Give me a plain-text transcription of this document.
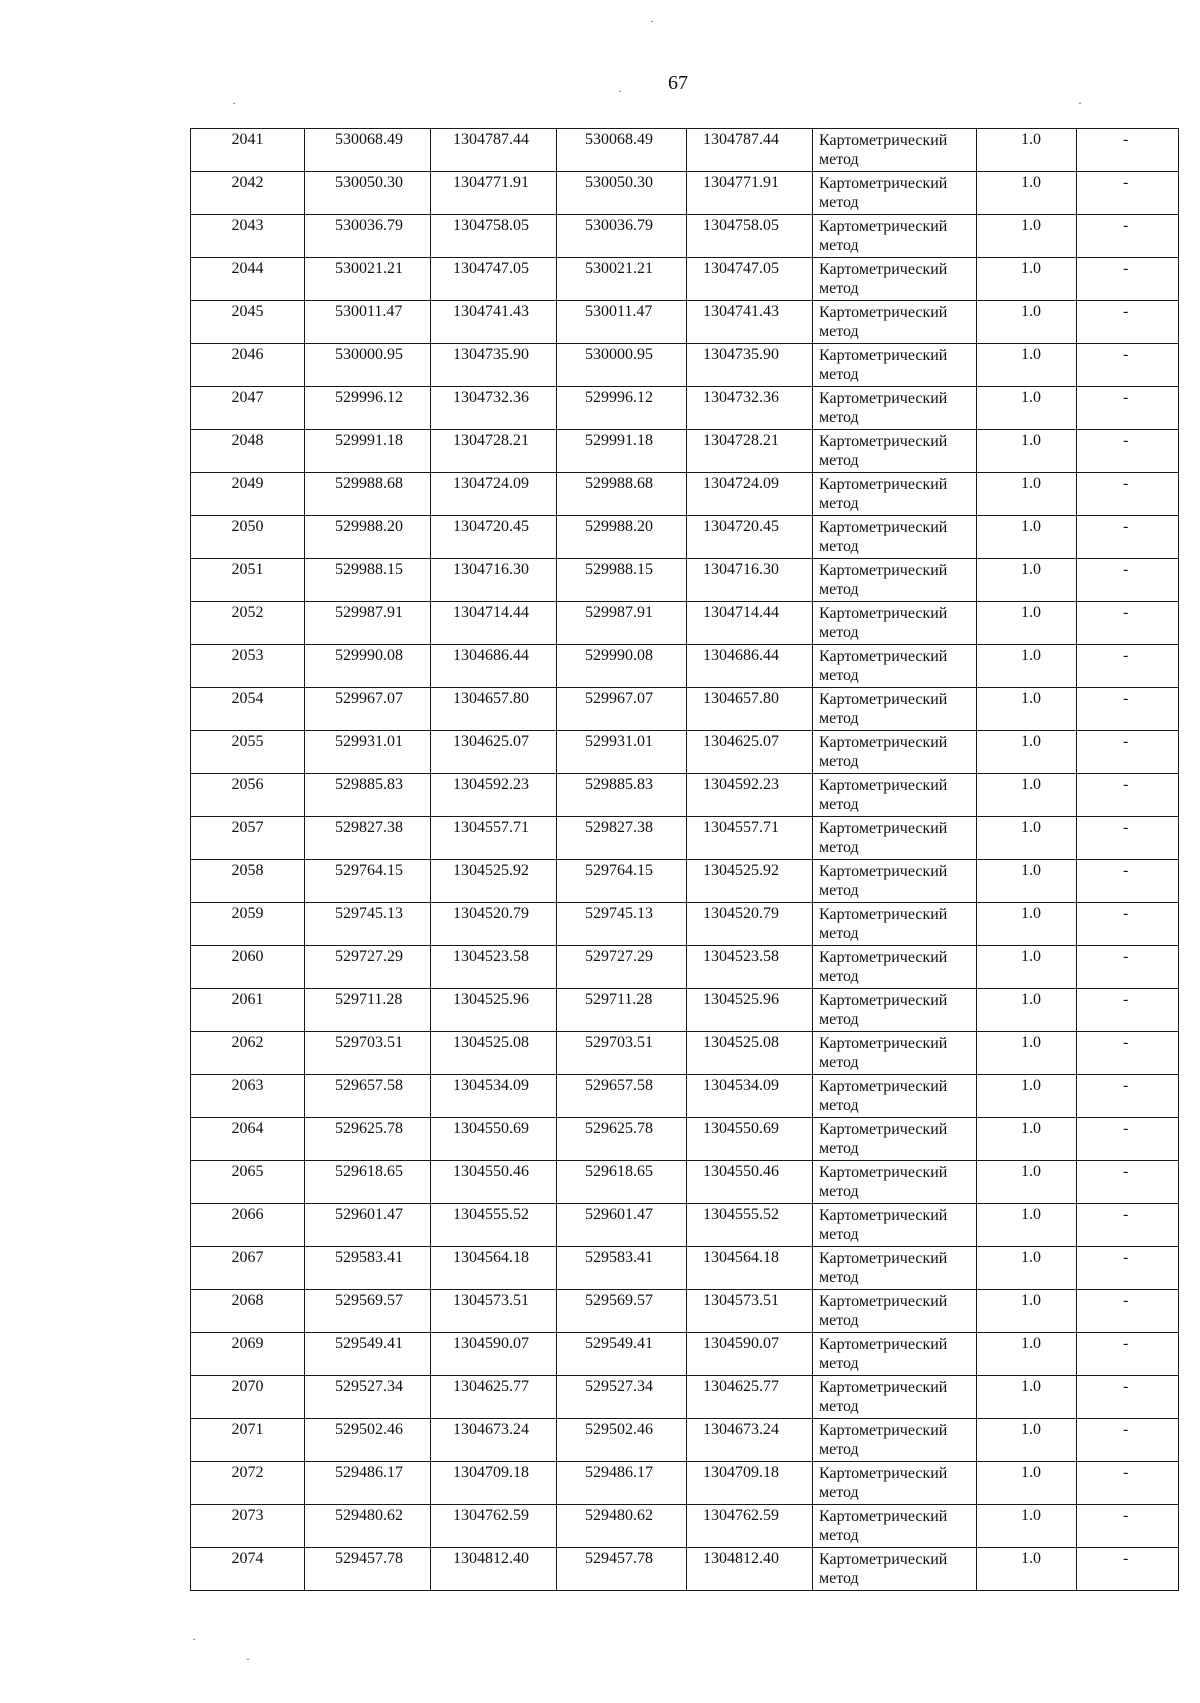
67
·
·
·	·
·
·
2041	530068.49	1304787.44	530068.49	1304787.44	Картометрический метод	1.0	-

2042	530050.30	1304771.91	530050.30	1304771.91	Картометрический метод	1.0	-

2043	530036.79	1304758.05	530036.79	1304758.05	Картометрический метод	1.0	-

2044	530021.21	1304747.05	530021.21	1304747.05	Картометрический метод	1.0	-

2045	530011.47	1304741.43	530011.47	1304741.43	Картометрический метод	1.0	-

2046	530000.95	1304735.90	530000.95	1304735.90	Картометрический метод	1.0	-

2047	529996.12	1304732.36	529996.12	1304732.36	Картометрический метод	1.0	-

2048	529991.18	1304728.21	529991.18	1304728.21	Картометрический метод	1.0	-

2049	529988.68	1304724.09	529988.68	1304724.09	Картометрический метод	1.0	-

2050	529988.20	1304720.45	529988.20	1304720.45	Картометрический метод	1.0	-

2051	529988.15	1304716.30	529988.15	1304716.30	Картометрический метод	1.0	-

2052	529987.91	1304714.44	529987.91	1304714.44	Картометрический метод	1.0	-

2053	529990.08	1304686.44	529990.08	1304686.44	Картометрический метод	1.0	-

2054	529967.07	1304657.80	529967.07	1304657.80	Картометрический метод	1.0	-

2055	529931.01	1304625.07	529931.01	1304625.07	Картометрический метод	1.0	-

2056	529885.83	1304592.23	529885.83	1304592.23	Картометрический метод	1.0	-

2057	529827.38	1304557.71	529827.38	1304557.71	Картометрический метод	1.0	-

2058	529764.15	1304525.92	529764.15	1304525.92	Картометрический метод	1.0	-

2059	529745.13	1304520.79	529745.13	1304520.79	Картометрический метод	1.0	-

2060	529727.29	1304523.58	529727.29	1304523.58	Картометрический метод	1.0	-

2061	529711.28	1304525.96	529711.28	1304525.96	Картометрический метод	1.0	-

2062	529703.51	1304525.08	529703.51	1304525.08	Картометрический метод	1.0	-

2063	529657.58	1304534.09	529657.58	1304534.09	Картометрический метод	1.0	-

2064	529625.78	1304550.69	529625.78	1304550.69	Картометрический метод	1.0	-

2065	529618.65	1304550.46	529618.65	1304550.46	Картометрический метод	1.0	-

2066	529601.47	1304555.52	529601.47	1304555.52	Картометрический метод	1.0	-

2067	529583.41	1304564.18	529583.41	1304564.18	Картометрический метод	1.0	-

2068	529569.57	1304573.51	529569.57	1304573.51	Картометрический метод	1.0	-

2069	529549.41	1304590.07	529549.41	1304590.07	Картометрический метод	1.0	-

2070	529527.34	1304625.77	529527.34	1304625.77	Картометрический метод	1.0	-

2071	529502.46	1304673.24	529502.46	1304673.24	Картометрический метод	1.0	-

2072	529486.17	1304709.18	529486.17	1304709.18	Картометрический метод	1.0	-

2073	529480.62	1304762.59	529480.62	1304762.59	Картометрический метод	1.0	-

2074	529457.78	1304812.40	529457.78	1304812.40	Картометрический метод	1.0	-
